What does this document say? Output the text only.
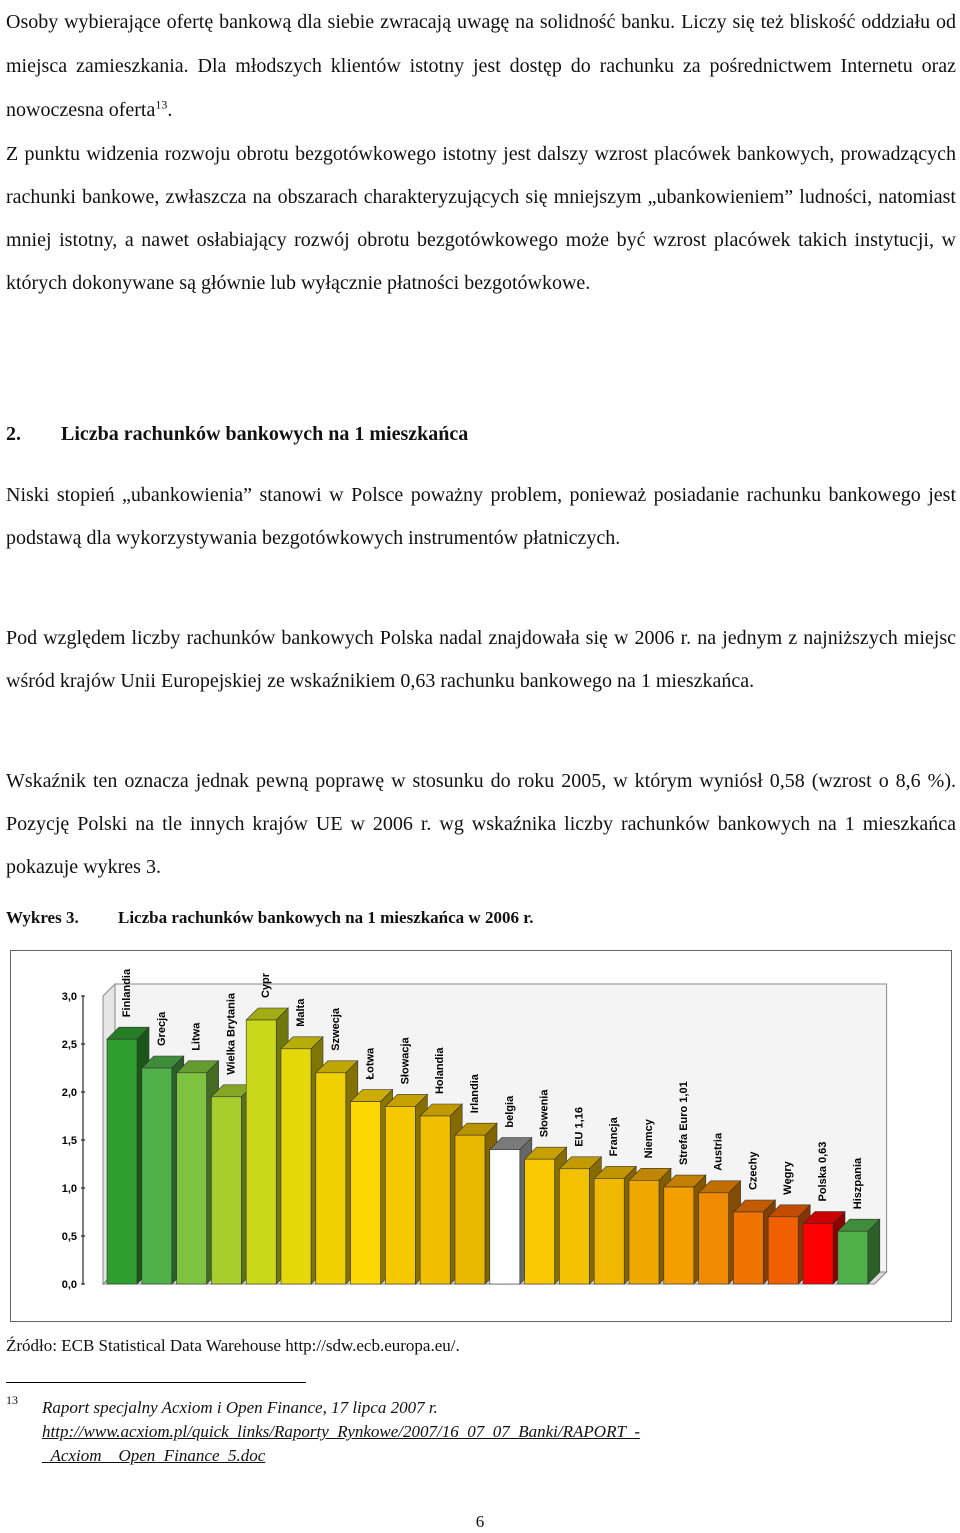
Osoby wybierające ofertę bankową dla siebie zwracają uwagę na solidność banku. Liczy się też bliskość oddziału od miejsca zamieszkania. Dla młodszych klientów istotny jest dostęp do rachunku za pośrednictwem Internetu oraz nowoczesna oferta$^{13}$.
Z punktu widzenia rozwoju obrotu bezgotówkowego istotny jest dalszy wzrost placówek bankowych, prowadzących rachunki bankowe, zwłaszcza na obszarach charakteryzujących się mniejszym „ubankowieniem” ludności, natomiast mniej istotny, a nawet osłabiający rozwój obrotu bezgotówkowego może być wzrost placówek takich instytucji, w których dokonywane są głównie lub wyłącznie płatności bezgotówkowe.
2. Liczba rachunków bankowych na 1 mieszkańca
Niski stopień „ubankowienia” stanowi w Polsce poważny problem, ponieważ posiadanie rachunku bankowego jest podstawą dla wykorzystywania bezgotówkowych instrumentów płatniczych.
Pod względem liczby rachunków bankowych Polska nadal znajdowała się w 2006 r. na jednym z najniższych miejsc wśród krajów Unii Europejskiej ze wskaźnikiem 0,63 rachunku bankowego na 1 mieszkańca.
Wskaźnik ten oznacza jednak pewną poprawę w stosunku do roku 2005, w którym wyniósł 0,58 (wzrost o 8,6 %). Pozycję Polski na tle innych krajów UE w 2006 r. wg wskaźnika liczby rachunków bankowych na 1 mieszkańca pokazuje wykres 3.
Wykres 3. Liczba rachunków bankowych na 1 mieszkańca w 2006 r.
0,0
0,5
1,0
1,5
2,0
2,5
3,0	Finlandia
Grecja Litwa Wielka Brytania
Cypr
Malta Szwecja
Łotwa Słowacja Holandia Irlandia belgia Słowenia EU 1,16 Francja Niemcy Strefa Euro 1,01 Austria Czechy Węgry Polska 0,63 Hiszpania
Źródło: ECB Statistical Data Warehouse http://sdw.ecb.europa.eu/.
13 Raport specjalny Acxiom i Open Finance, 17 lipca 2007 r.
http://www.acxiom.pl/quick_links/Raporty_Rynkowe/2007/16_07_07_Banki/RAPORT_-
_Acxiom__Open_Finance_5.doc
6
